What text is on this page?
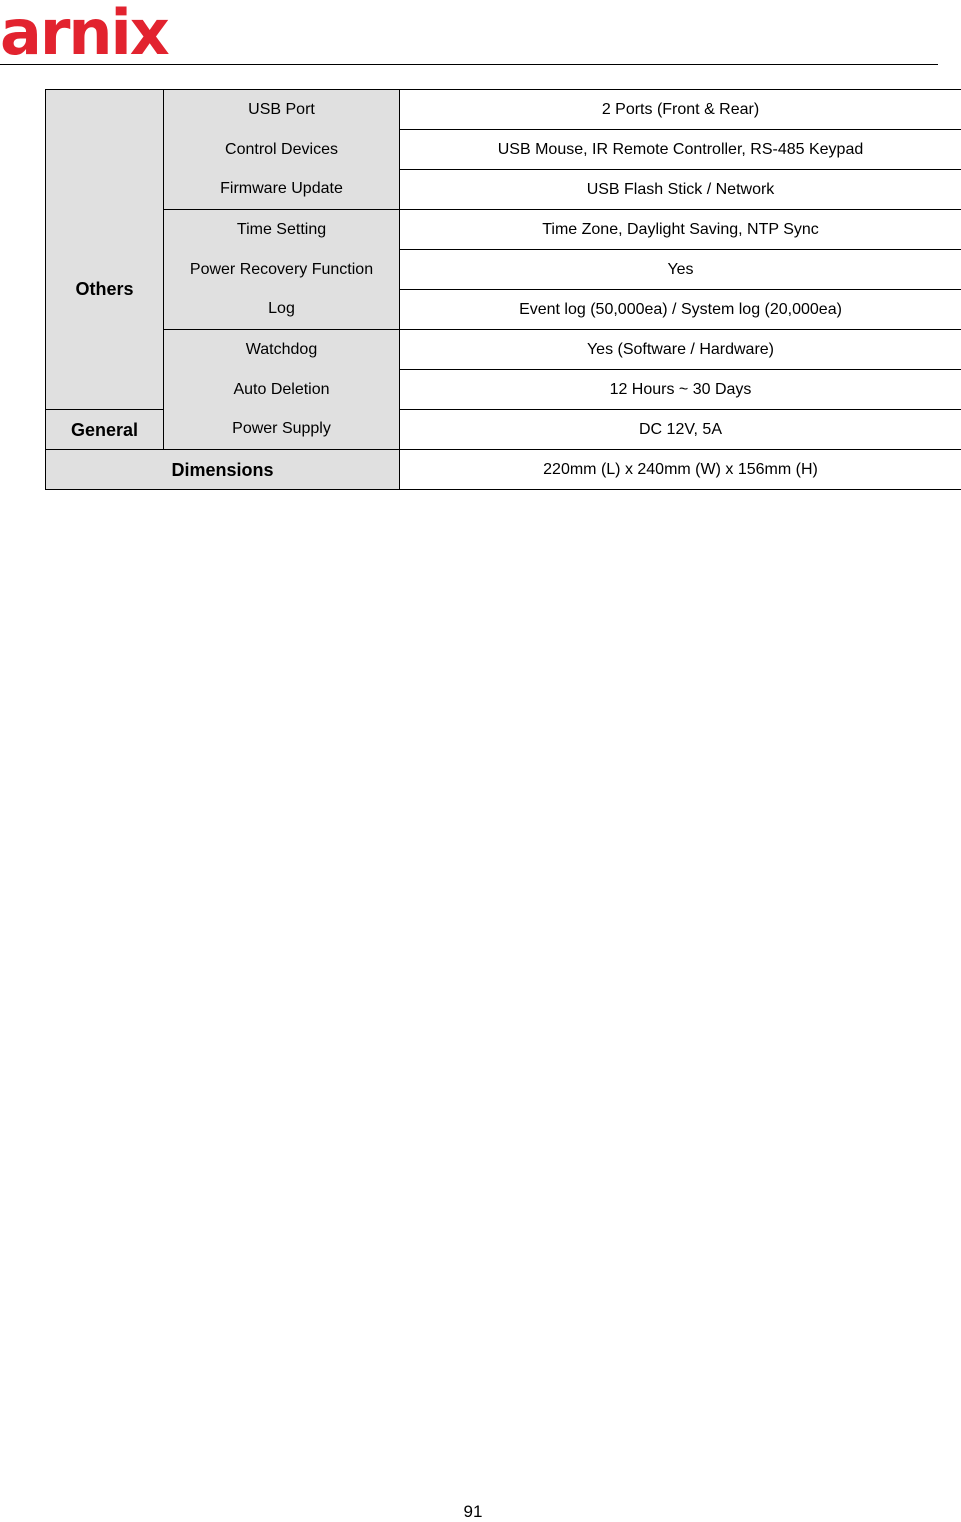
arnix
	USB Port	2 Ports (Front & Rear)
	Control Devices	USB Mouse, IR Remote Controller, RS-485 Keypad
Others	Firmware Update	USB Flash Stick / Network
	Time Setting	Time Zone, Daylight Saving, NTP Sync
	Power Recovery Function	Yes
	Log	Event log (50,000ea) / System log (20,000ea)
	Watchdog	Yes (Software / Hardware)
	Auto Deletion	12 Hours ~ 30 Days
General	Power Supply	DC 12V, 5A
Dimensions		220mm (L) x 240mm (W) x 156mm (H)
91
